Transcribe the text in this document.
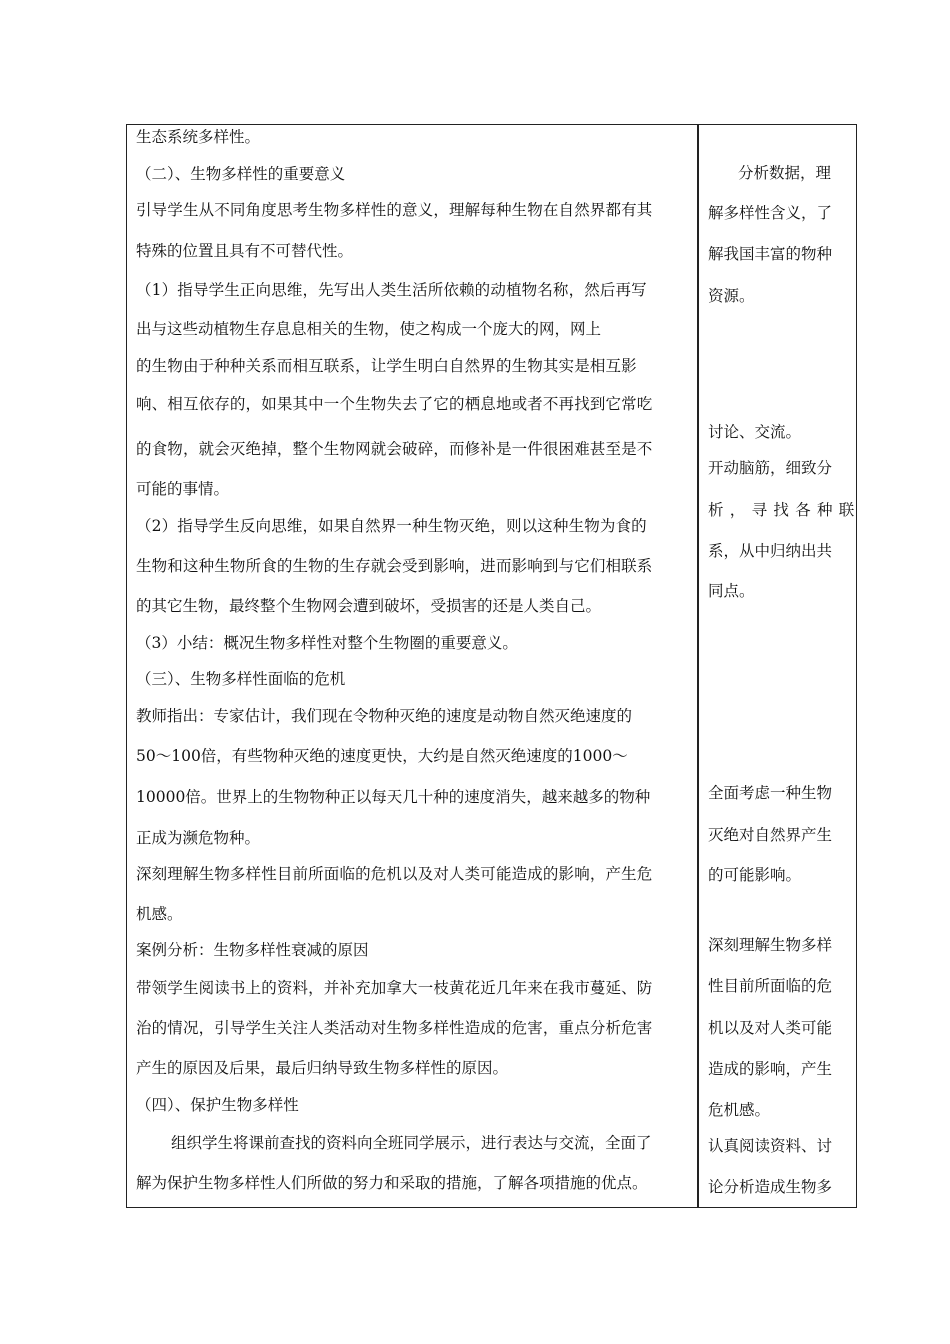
生态系统多样性。
（二）、生物多样性的重要意义
引导学生从不同角度思考生物多样性的意义，理解每种生物在自然界都有其
特殊的位置且具有不可替代性。
（1）指导学生正向思维，先写出人类生活所依赖的动植物名称，然后再写
出与这些动植物生存息息相关的生物，使之构成一个庞大的网，网上
的生物由于种种关系而相互联系，让学生明白自然界的生物其实是相互影
响、相互依存的，如果其中一个生物失去了它的栖息地或者不再找到它常吃
的食物，就会灭绝掉，整个生物网就会破碎，而修补是一件很困难甚至是不
可能的事情。
（2）指导学生反向思维，如果自然界一种生物灭绝，则以这种生物为食的
生物和这种生物所食的生物的生存就会受到影响，进而影响到与它们相联系
的其它生物，最终整个生物网会遭到破坏，受损害的还是人类自己。
（3）小结：概况生物多样性对整个生物圈的重要意义。
（三）、生物多样性面临的危机
教师指出：专家估计，我们现在令物种灭绝的速度是动物自然灭绝速度的
50～100倍，有些物种灭绝的速度更快，大约是自然灭绝速度的1000～
10000倍。世界上的生物物种正以每天几十种的速度消失，越来越多的物种
正成为濒危物种。
深刻理解生物多样性目前所面临的危机以及对人类可能造成的影响，产生危
机感。
案例分析：生物多样性衰减的原因
带领学生阅读书上的资料，并补充加拿大一枝黄花近几年来在我市蔓延、防
治的情况，引导学生关注人类活动对生物多样性造成的危害，重点分析危害
产生的原因及后果，最后归纳导致生物多样性的原因。
（四）、保护生物多样性
组织学生将课前查找的资料向全班同学展示，进行表达与交流，全面了
解为保护生物多样性人们所做的努力和采取的措施，了解各项措施的优点。
分析数据，理
解多样性含义，了
解我国丰富的物种
资源。
讨论、交流。
开动脑筋，细致分
析，寻找各种联
系，从中归纳出共
同点。
全面考虑一种生物
灭绝对自然界产生
的可能影响。
深刻理解生物多样
性目前所面临的危
机以及对人类可能
造成的影响，产生
危机感。
认真阅读资料、讨
论分析造成生物多
